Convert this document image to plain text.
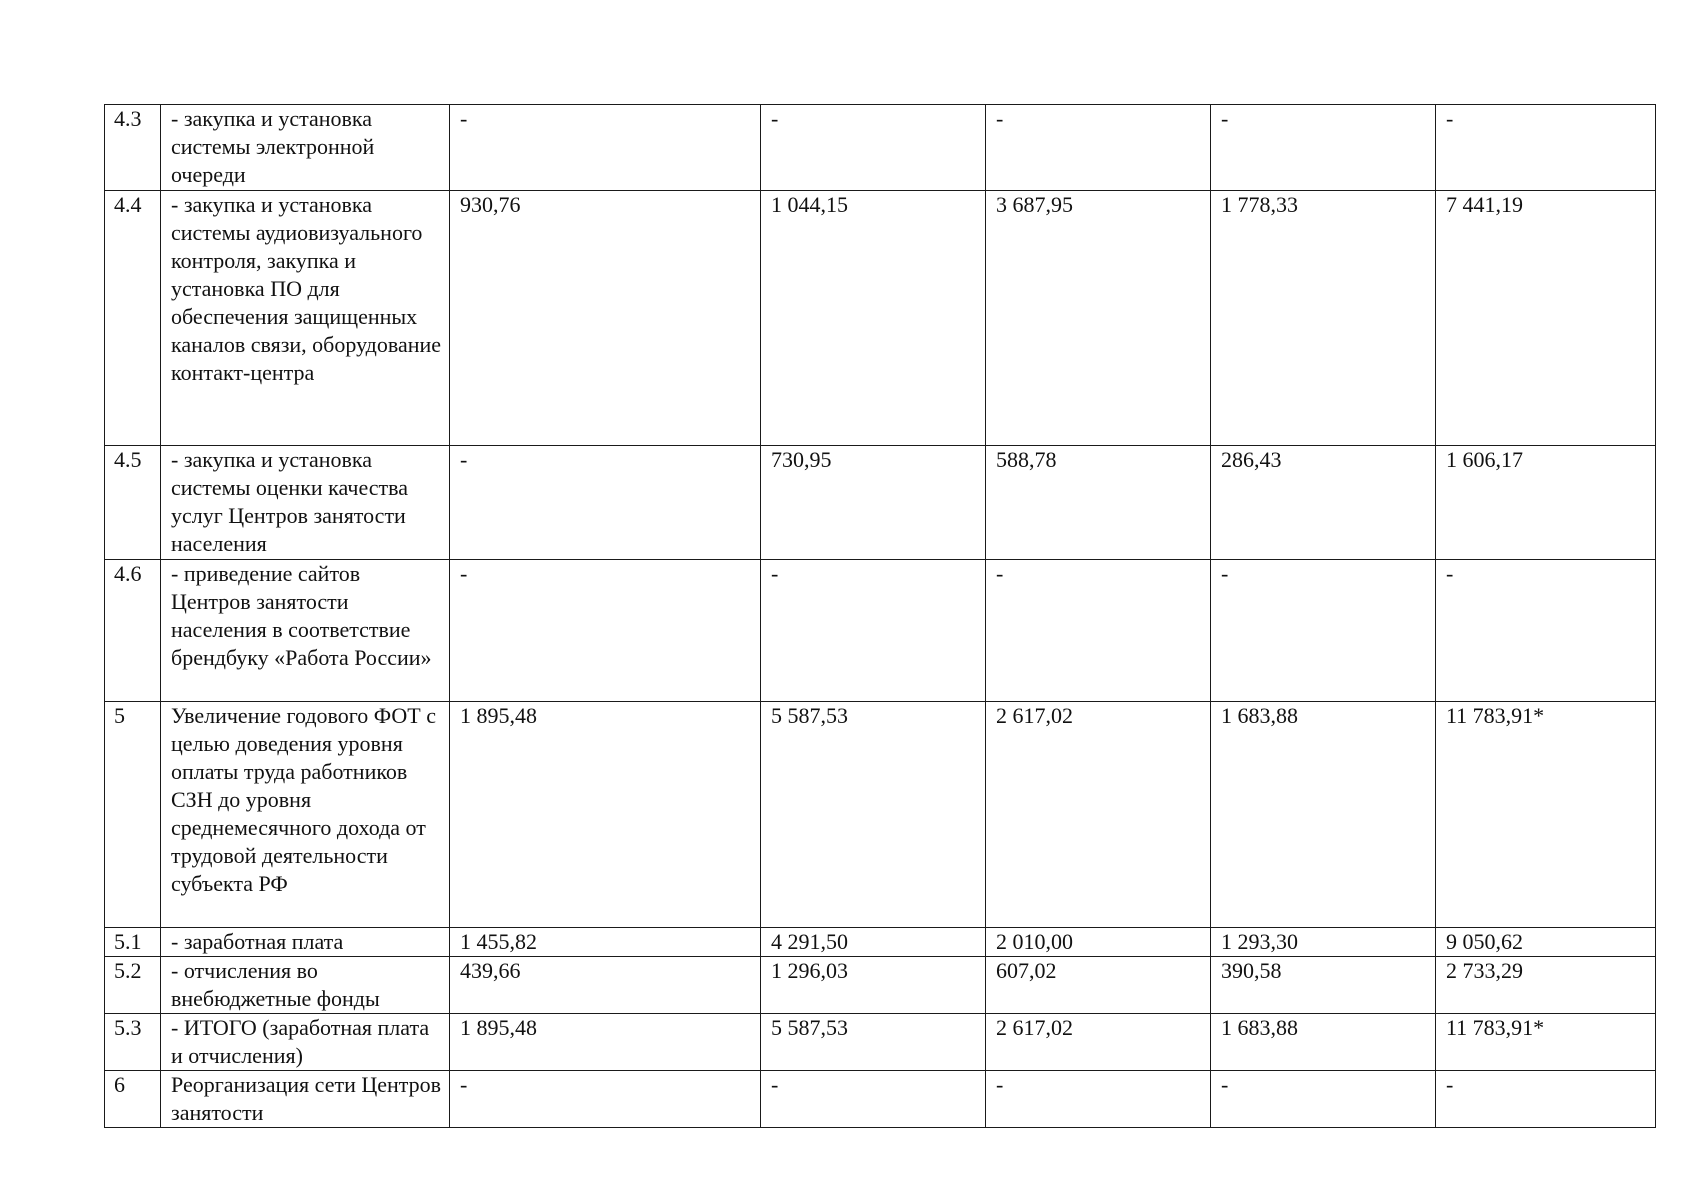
4.3	- закупка и установка системы электронной очереди	-	-	-	-	-
4.4	- закупка и установка системы аудиовизуального контроля, закупка и установка ПО для обеспечения защищенных каналов связи, оборудование контакт-центра	930,76	1 044,15	3 687,95	1 778,33	7 441,19
4.5	- закупка и установка системы оценки качества услуг Центров занятости населения	-	730,95	588,78	286,43	1 606,17
4.6	- приведение сайтов Центров занятости населения в соответствие брендбуку «Работа России»	-	-	-	-	-
5	Увеличение годового ФОТ с целью доведения уровня оплаты труда работников СЗН до уровня среднемесячного дохода от трудовой деятельности субъекта РФ	1 895,48	5 587,53	2 617,02	1 683,88	11 783,91*
5.1	- заработная плата	1 455,82	4 291,50	2 010,00	1 293,30	9 050,62
5.2	- отчисления во внебюджетные фонды	439,66	1 296,03	607,02	390,58	2 733,29
5.3	- ИТОГО (заработная плата и отчисления)	1 895,48	5 587,53	2 617,02	1 683,88	11 783,91*
6	Реорганизация сети Центров занятости	-	-	-	-	-
